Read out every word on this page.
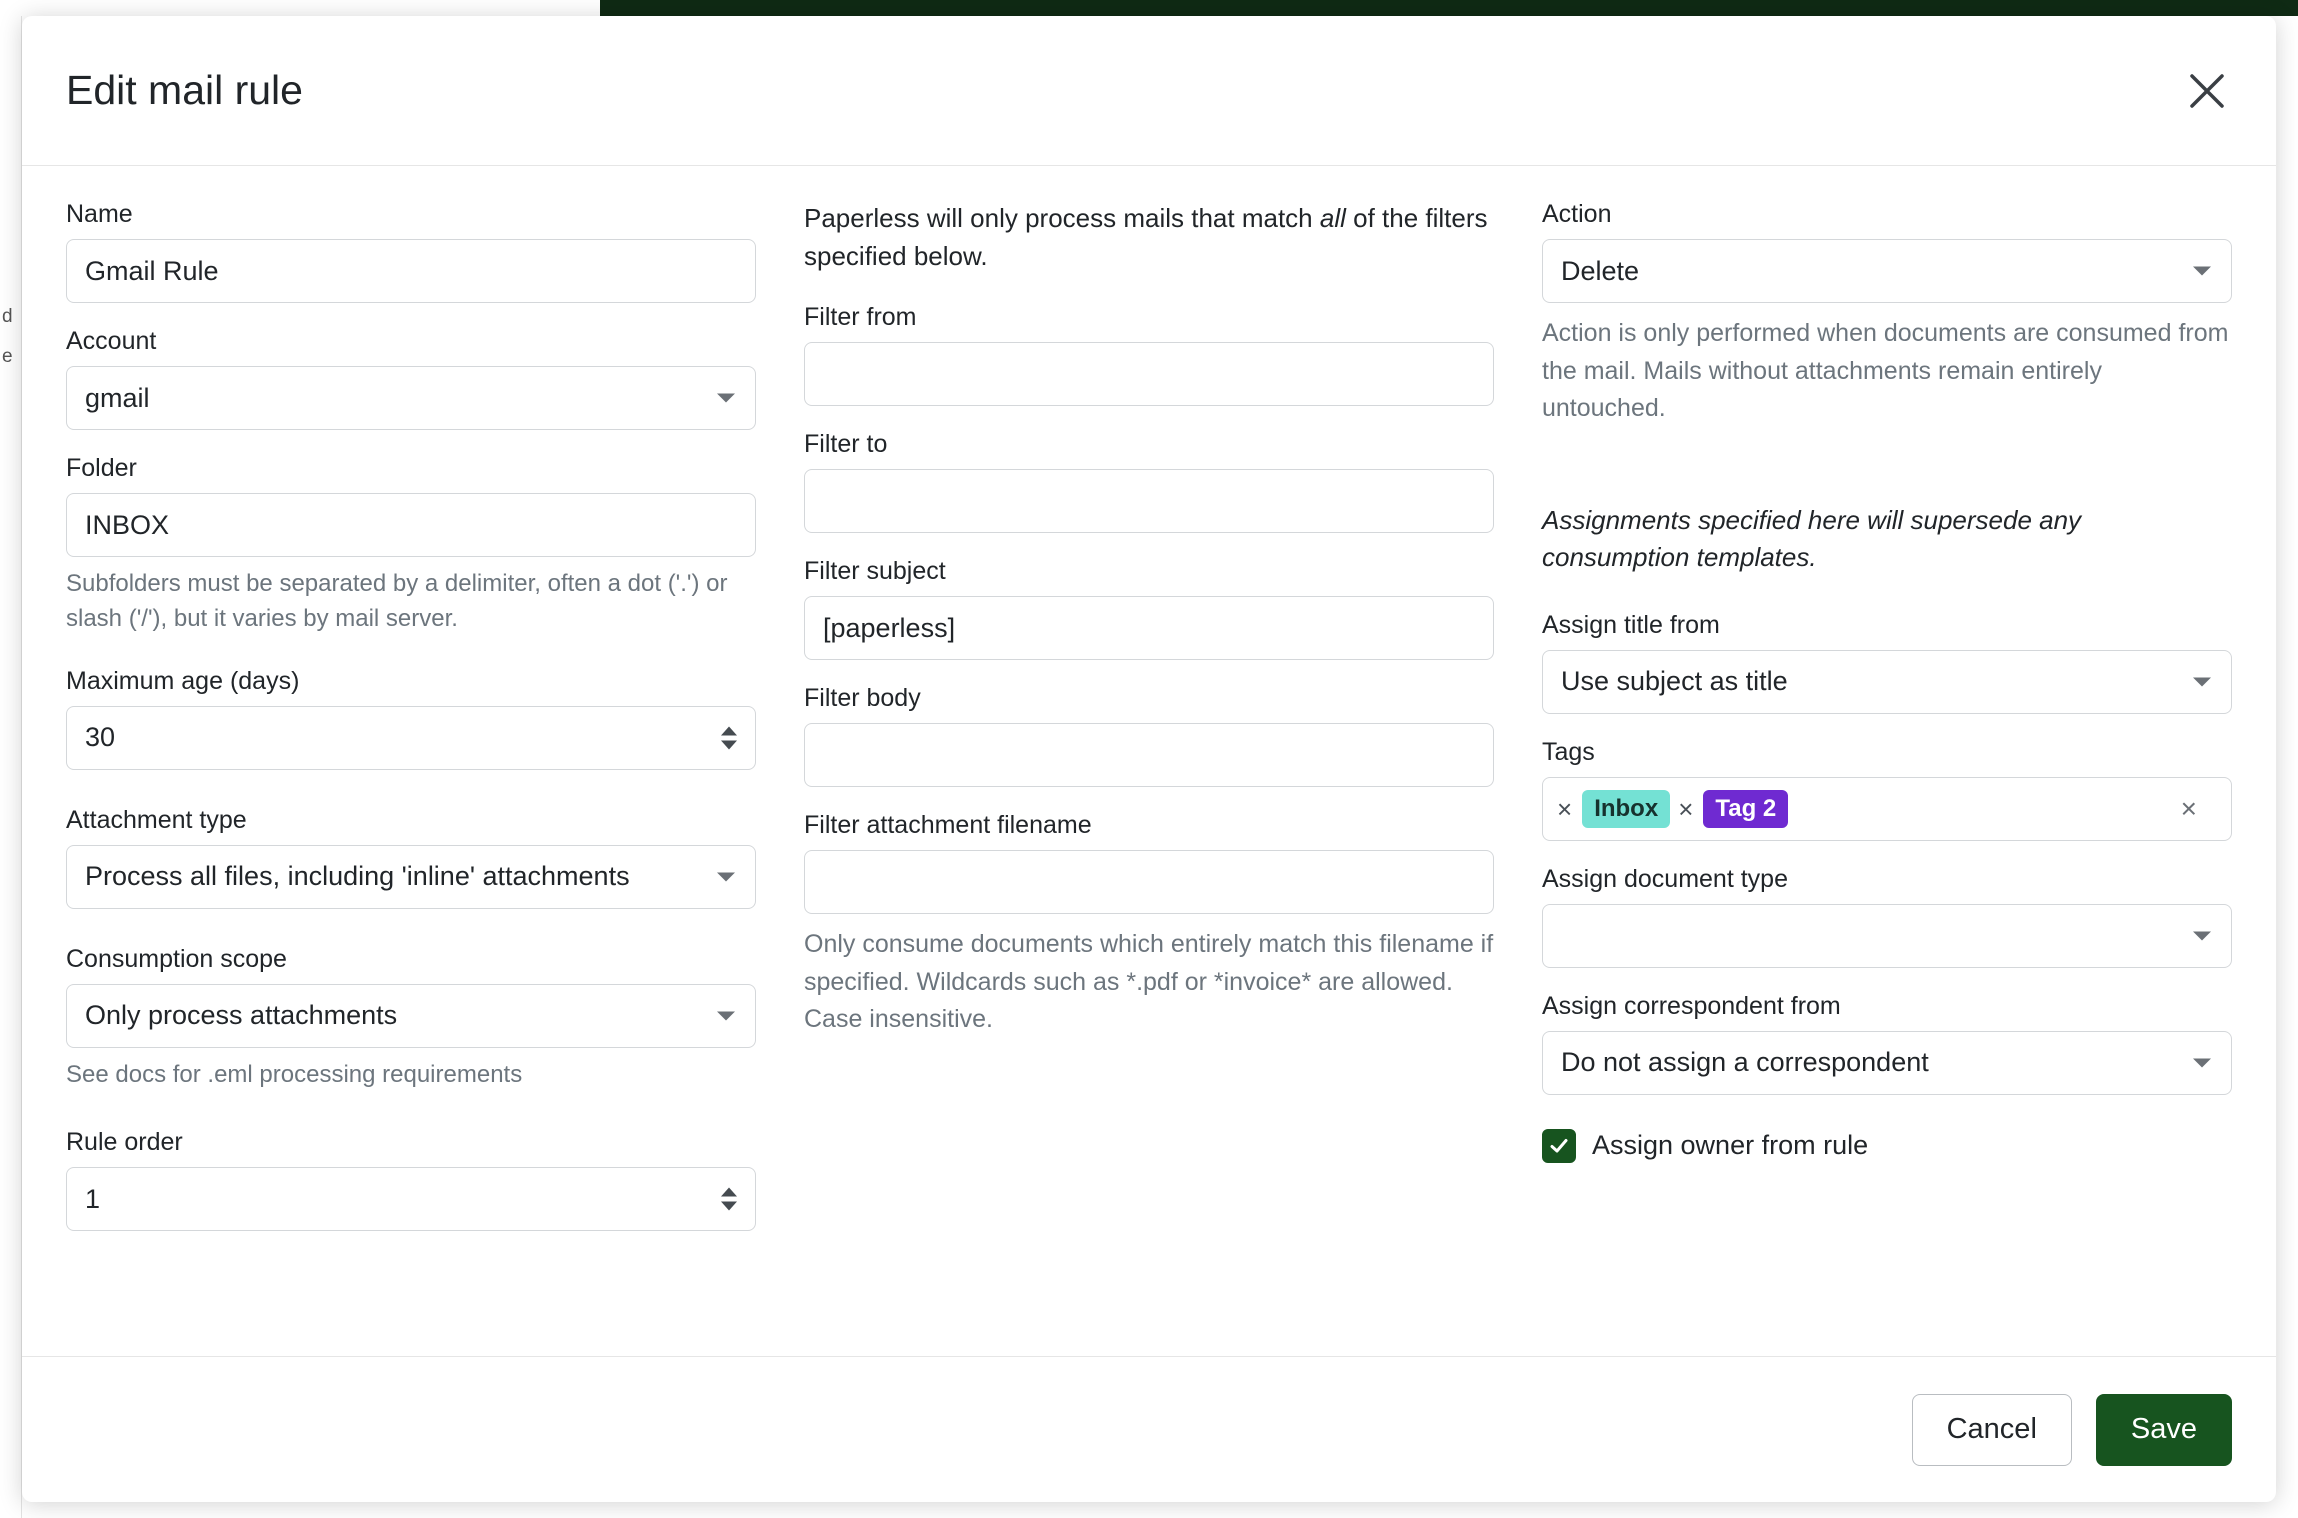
d
e
Edit mail rule
Name
Gmail Rule
Account
gmail
Folder
INBOX
Subfolders must be separated by a delimiter, often a dot ('.') or slash ('/'), but it varies by mail server.
Maximum age (days)
30
Attachment type
Process all files, including 'inline' attachments
Consumption scope
Only process attachments
See docs for .eml processing requirements
Rule order
1
Paperless will only process mails that match all of the filters specified below.
Filter from
Filter to
Filter subject
[paperless]
Filter body
Filter attachment filename
Only consume documents which entirely match this filename if specified. Wildcards such as *.pdf or *invoice* are allowed. Case insensitive.
Action
Delete
Action is only performed when documents are consumed from the mail. Mails without attachments remain entirely untouched.
Assignments specified here will supersede any consumption templates.
Assign title from
Use subject as title
Tags
× Inbox × Tag 2	×
Assign document type
Assign correspondent from
Do not assign a correspondent
Assign owner from rule
Cancel	Save
